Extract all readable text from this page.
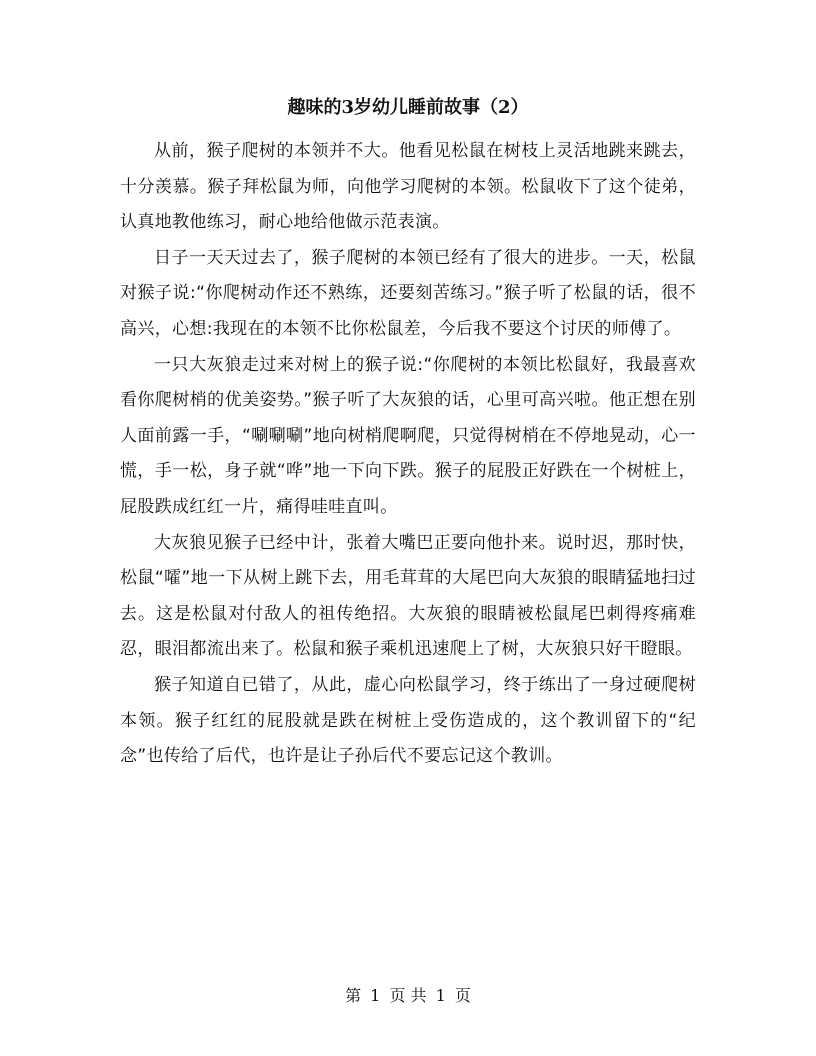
趣味的3岁幼儿睡前故事（2）

从前，猴子爬树的本领并不大。他看见松鼠在树枝上灵活地跳来跳去，十分羡慕。猴子拜松鼠为师，向他学习爬树的本领。松鼠收下了这个徒弟，认真地教他练习，耐心地给他做示范表演。

日子一天天过去了，猴子爬树的本领已经有了很大的进步。一天，松鼠对猴子说:“你爬树动作还不熟练，还要刻苦练习。”猴子听了松鼠的话，很不高兴，心想:我现在的本领不比你松鼠差，今后我不要这个讨厌的师傅了。

一只大灰狼走过来对树上的猴子说:“你爬树的本领比松鼠好，我最喜欢看你爬树梢的优美姿势。”猴子听了大灰狼的话，心里可高兴啦。他正想在别人面前露一手，“唰唰唰”地向树梢爬啊爬，只觉得树梢在不停地晃动，心一慌，手一松，身子就“哗”地一下向下跌。猴子的屁股正好跌在一个树桩上，屁股跌成红红一片，痛得哇哇直叫。

大灰狼见猴子已经中计，张着大嘴巴正要向他扑来。说时迟，那时快，松鼠“嚯”地一下从树上跳下去，用毛茸茸的大尾巴向大灰狼的眼睛猛地扫过去。这是松鼠对付敌人的祖传绝招。大灰狼的眼睛被松鼠尾巴刺得疼痛难忍，眼泪都流出来了。松鼠和猴子乘机迅速爬上了树，大灰狼只好干瞪眼。

猴子知道自已错了，从此，虚心向松鼠学习，终于练出了一身过硬爬树本领。猴子红红的屁股就是跌在树桩上受伤造成的，这个教训留下的“纪念”也传给了后代，也许是让子孙后代不要忘记这个教训。

第 1 页 共 1 页
